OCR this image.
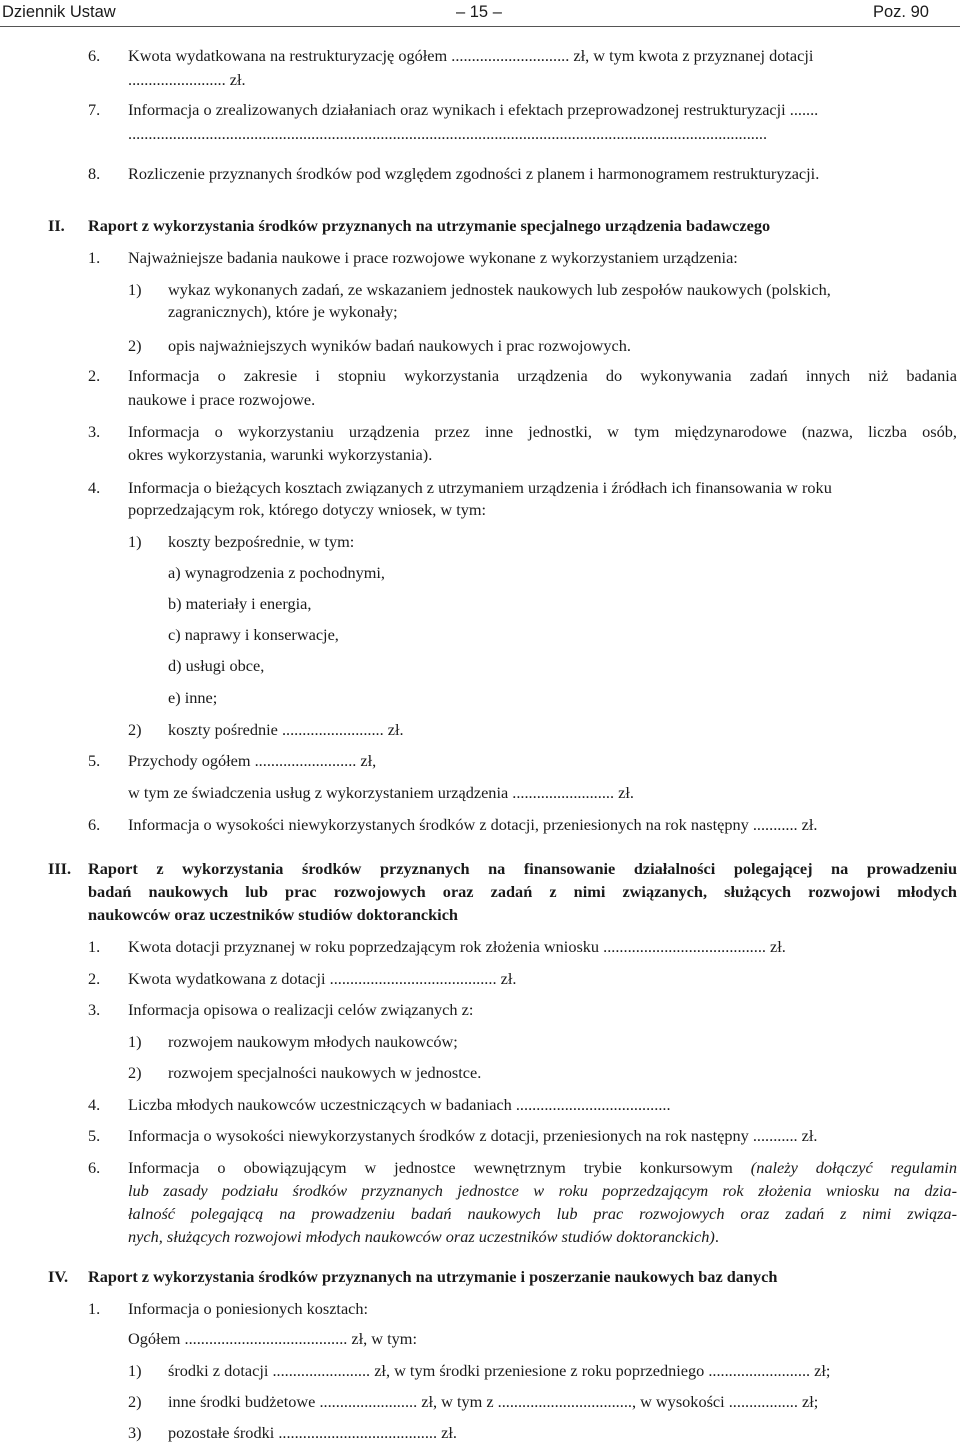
Dziennik Ustaw	– 15 –	Poz. 90
6. Kwota wydatkowana na restrukturyzację ogółem ............................. zł, w tym kwota z przyznanej dotacji
........................ zł.
7. Informacja o zrealizowanych działaniach oraz wynikach i efektach przeprowadzonej restrukturyzacji .......
.............................................................................................................................................................
8. Rozliczenie przyznanych środków pod względem zgodności z planem i harmonogramem restrukturyzacji.
II. Raport z wykorzystania środków przyznanych na utrzymanie specjalnego urządzenia badawczego
1. Najważniejsze badania naukowe i prace rozwojowe wykonane z wykorzystaniem urządzenia:
1) wykaz wykonanych zadań, ze wskazaniem jednostek naukowych lub zespołów naukowych (polskich,
zagranicznych), które je wykonały;
2) opis najważniejszych wyników badań naukowych i prac rozwojowych.
2. Informacja o zakresie i stopniu wykorzystania urządzenia do wykonywania zadań innych niż badania
naukowe i prace rozwojowe.
3. Informacja o wykorzystaniu urządzenia przez inne jednostki, w tym międzynarodowe (nazwa, liczba osób,
okres wykorzystania, warunki wykorzystania).
4. Informacja o bieżących kosztach związanych z utrzymaniem urządzenia i źródłach ich finansowania w roku
poprzedzającym rok, którego dotyczy wniosek, w tym:
1) koszty bezpośrednie, w tym:
a) wynagrodzenia z pochodnymi,
b) materiały i energia,
c) naprawy i konserwacje,
d) usługi obce,
e) inne;
2) koszty pośrednie ......................... zł.
5. Przychody ogółem ......................... zł,
w tym ze świadczenia usług z wykorzystaniem urządzenia ......................... zł.
6. Informacja o wysokości niewykorzystanych środków z dotacji, przeniesionych na rok następny ........... zł.
III. Raport z wykorzystania środków przyznanych na finansowanie działalności polegającej na prowadzeniu
badań naukowych lub prac rozwojowych oraz zadań z nimi związanych, służących rozwojowi młodych
naukowców oraz uczestników studiów doktoranckich
1. Kwota dotacji przyznanej w roku poprzedzającym rok złożenia wniosku ........................................ zł.
2. Kwota wydatkowana z dotacji ......................................... zł.
3. Informacja opisowa o realizacji celów związanych z:
1) rozwojem naukowym młodych naukowców;
2) rozwojem specjalności naukowych w jednostce.
4. Liczba młodych naukowców uczestniczących w badaniach ......................................
5. Informacja o wysokości niewykorzystanych środków z dotacji, przeniesionych na rok następny ........... zł.
6. Informacja o obowiązującym w jednostce wewnętrznym trybie konkursowym (należy dołączyć regulamin
lub zasady podziału środków przyznanych jednostce w roku poprzedzającym rok złożenia wniosku na dzia-
łalność polegającą na prowadzeniu badań naukowych lub prac rozwojowych oraz zadań z nimi związa-
nych, służących rozwojowi młodych naukowców oraz uczestników studiów doktoranckich).
IV. Raport z wykorzystania środków przyznanych na utrzymanie i poszerzanie naukowych baz danych
1. Informacja o poniesionych kosztach:
Ogółem ........................................ zł, w tym:
1) środki z dotacji ........................ zł, w tym środki przeniesione z roku poprzedniego ......................... zł;
2) inne środki budżetowe ........................ zł, w tym z ................................., w wysokości ................. zł;
3) pozostałe środki ....................................... zł.
